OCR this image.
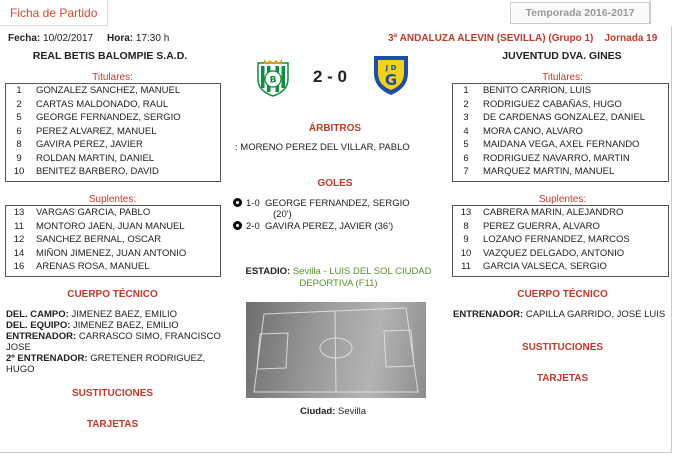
Ficha de Partido	Temporada 2016-2017
Fecha: 10/02/2017 Hora: 17:30 h	3ª ANDALUZA ALEVIN (SEVILLA) (Grupo 1) Jornada 19
REAL BETIS BALOMPIE S.A.D.	JUVENTUD DVA. GINES
B
J D
G
2 - 0
Titulares:
1	GONZALEZ SANCHEZ, MANUEL
2	CARTAS MALDONADO, RAUL
5	GEORGE FERNANDEZ, SERGIO
6	PEREZ ALVAREZ, MANUEL
8	GAVIRA PEREZ, JAVIER
9	ROLDAN MARTIN, DANIEL
10	BENITEZ BARBERO, DAVID
Suplentes:
13	VARGAS GARCIA, PABLO
11	MONTORO JAEN, JUAN MANUEL
12	SANCHEZ BERNAL, OSCAR
14	MIÑON JIMENEZ, JUAN ANTONIO
16	ARENAS ROSA, MANUEL
CUERPO TÉCNICO
DEL. CAMPO: JIMENEZ BAEZ, EMILIO
DEL. EQUIPO: JIMENEZ BAEZ, EMILIO
ENTRENADOR: CARRASCO SIMO, FRANCISCO JOSE
2º ENTRENADOR: GRETENER RODRIGUEZ, HUGO
SUSTITUCIONES
TARJETAS
ÁRBITROS
: MORENO PEREZ DEL VILLAR, PABLO
GOLES
1-0 GEORGE FERNANDEZ, SERGIO
(20')
2-0 GAVIRA PEREZ, JAVIER (36')
ESTADIO: Sevilla - LUIS DEL SOL CIUDAD DEPORTIVA (F11)
Ciudad: Sevilla
Titulares:
1	BENITO CARRION, LUIS
2	RODRIGUEZ CABAÑAS, HUGO
3	DE CARDENAS GONZALEZ, DANIEL
4	MORA CANO, ALVARO
5	MAIDANA VEGA, AXEL FERNANDO
6	RODRIGUEZ NAVARRO, MARTIN
7	MARQUEZ MARTIN, MANUEL
Suplentes:
13	CABRERA MARIN, ALEJANDRO
8	PEREZ GUERRA, ALVARO
9	LOZANO FERNANDEZ, MARCOS
10	VAZQUEZ DELGADO, ANTONIO
11	GARCIA VALSECA, SERGIO
CUERPO TÉCNICO
ENTRENADOR: CAPILLA GARRIDO, JOSE LUIS
SUSTITUCIONES
TARJETAS
